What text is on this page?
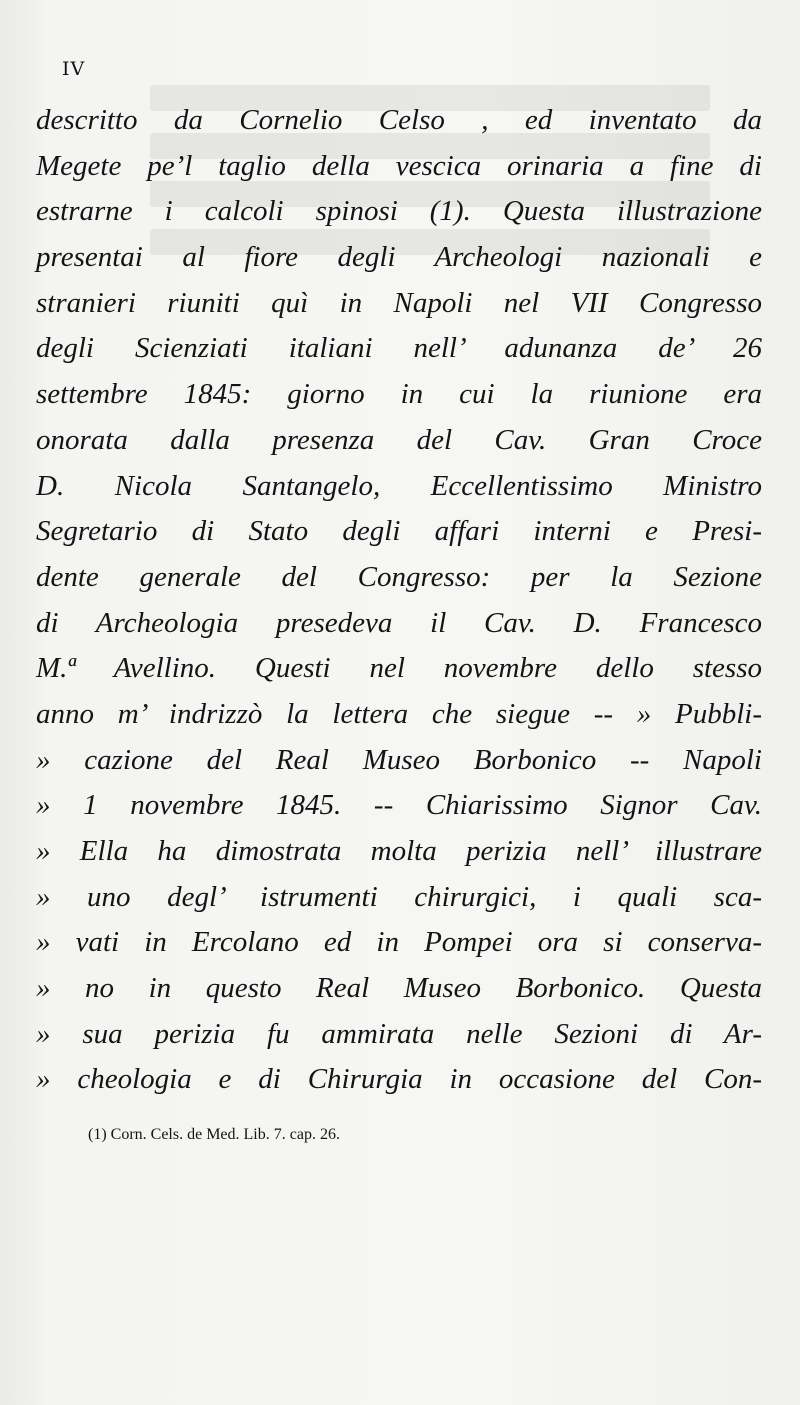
IV
descritto da Cornelio Celso , ed inventato da
Megete pe’l taglio della vescica orinaria a fine di
estrarne i calcoli spinosi (1). Questa illustrazione
presentai al fiore degli Archeologi nazionali e
stranieri riuniti quì in Napoli nel VII Congresso
degli Scienziati italiani nell’ adunanza de’ 26
settembre 1845: giorno in cui la riunione era
onorata dalla presenza del Cav. Gran Croce
D. Nicola Santangelo, Eccellentissimo Ministro
Segretario di Stato degli affari interni e Presi-
dente generale del Congresso: per la Sezione
di Archeologia presedeva il Cav. D. Francesco
M.ª Avellino. Questi nel novembre dello stesso
anno m’ indrizzò la lettera che siegue -- » Pubbli-
» cazione del Real Museo Borbonico -- Napoli
» 1 novembre 1845. -- Chiarissimo Signor Cav.
» Ella ha dimostrata molta perizia nell’ illustrare
» uno degl’ istrumenti chirurgici, i quali sca-
» vati in Ercolano ed in Pompei ora si conserva-
» no in questo Real Museo Borbonico. Questa
» sua perizia fu ammirata nelle Sezioni di Ar-
» cheologia e di Chirurgia in occasione del Con-
(1) Corn. Cels. de Med. Lib. 7. cap. 26.
